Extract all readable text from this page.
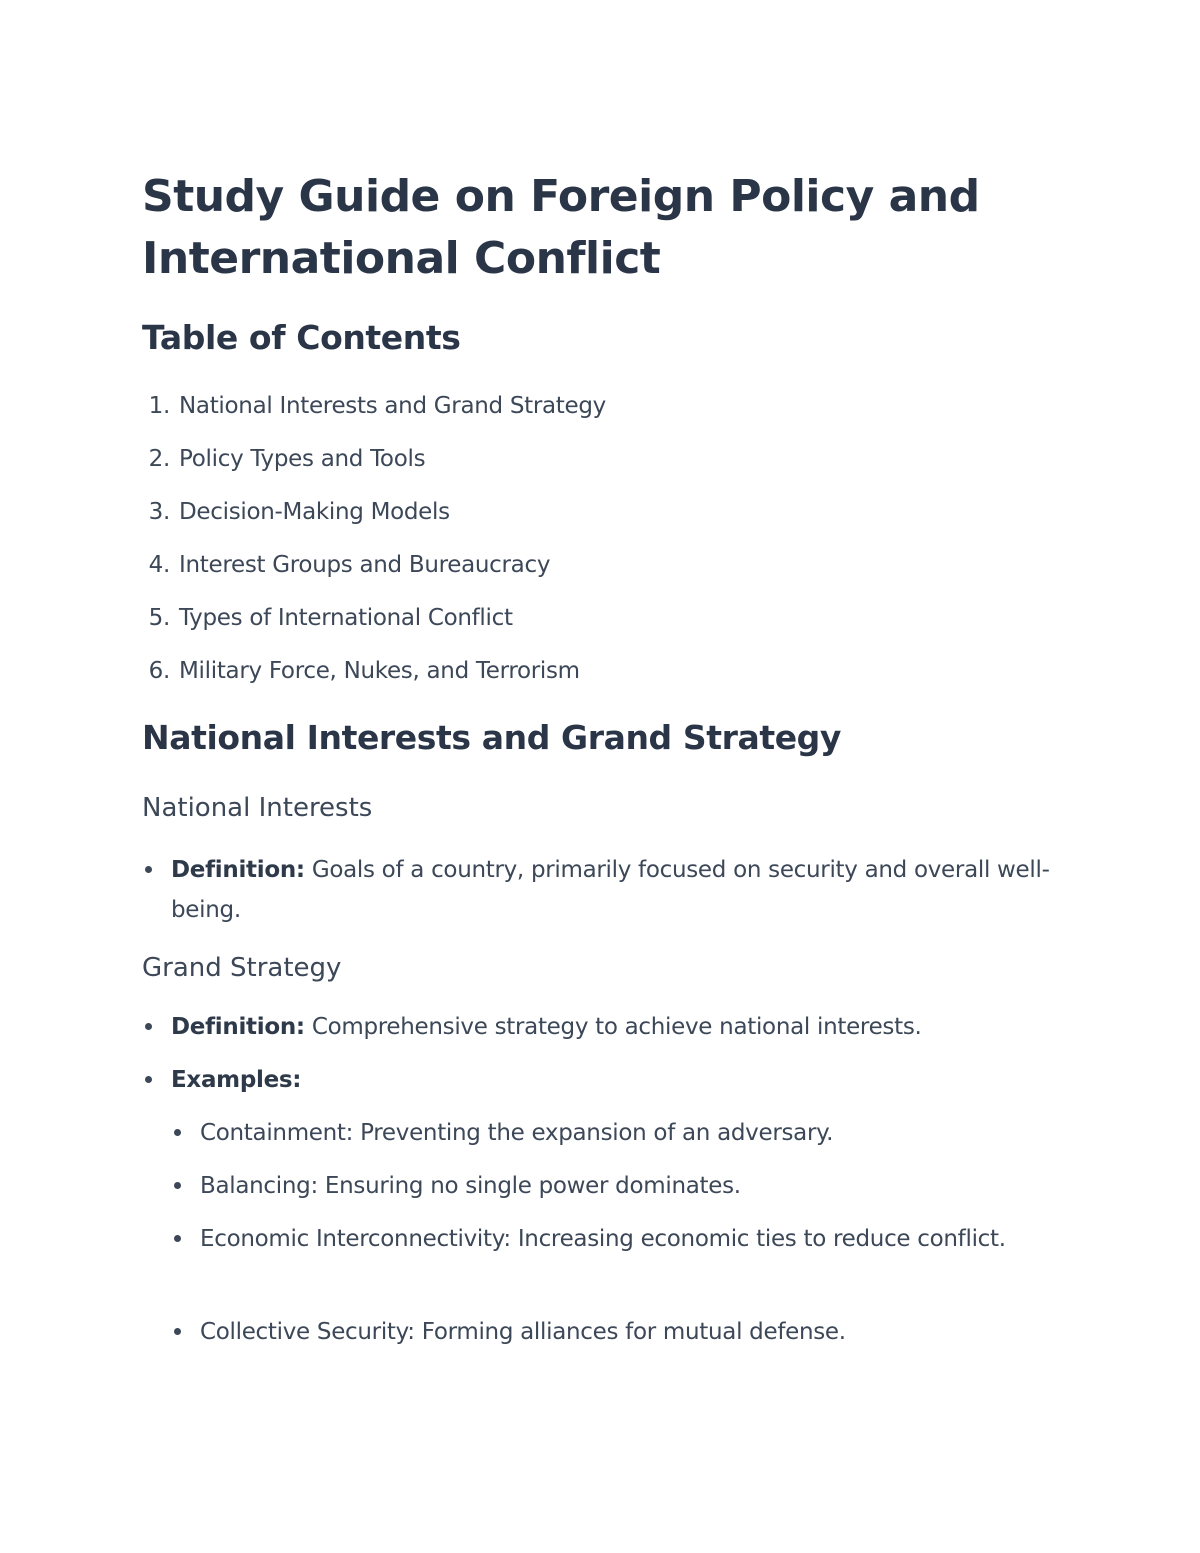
Study Guide on Foreign Policy and International Conflict
Table of Contents
1. National Interests and Grand Strategy
2. Policy Types and Tools
3. Decision-Making Models
4. Interest Groups and Bureaucracy
5. Types of International Conflict
6. Military Force, Nukes, and Terrorism
National Interests and Grand Strategy
National Interests
Definition: Goals of a country, primarily focused on security and overall well-being.
Grand Strategy
Definition: Comprehensive strategy to achieve national interests.
Examples:
Containment: Preventing the expansion of an adversary.
Balancing: Ensuring no single power dominates.
Economic Interconnectivity: Increasing economic ties to reduce conflict.
Collective Security: Forming alliances for mutual defense.
